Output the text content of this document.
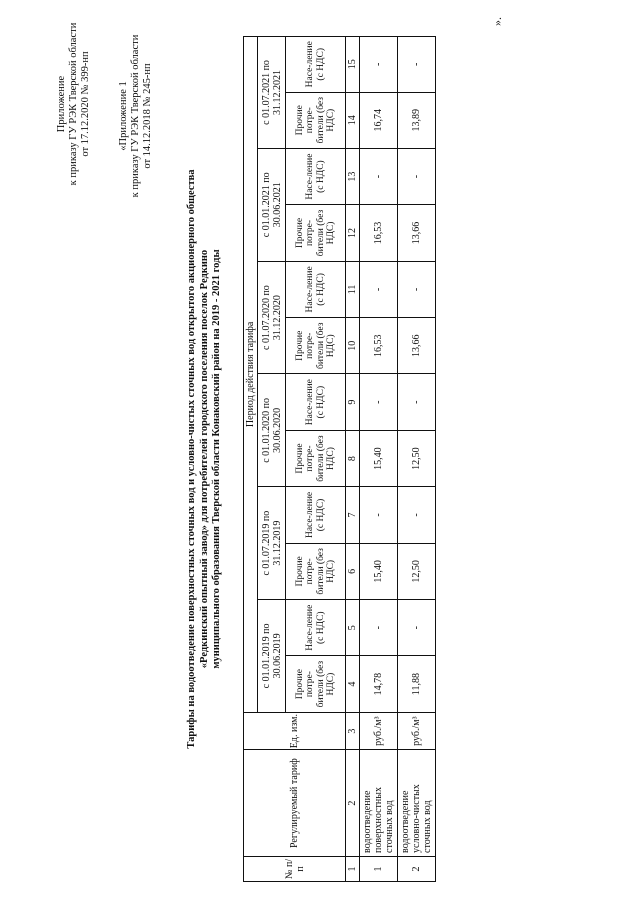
Приложение к приказу ГУ РЭК Тверской области от 17.12.2020 № 399-нп	«Приложение 1 к приказу ГУ РЭК Тверской области от 14.12.2018 № 245-нп
Тарифы на водоотведение поверхностных сточных вод и условно-чистых сточных вод открытого акционерного общества «Редкинский опытный завод» для потребителей городского поселения поселок Редкино муниципального образования Тверской области Конаковский район на 2019 - 2021 годы
№ п/п	Регулируемый тариф	Ед. изм.	Период действия тарифа											
			с 01.01.2019 по 30.06.2019		с 01.07.2019 по 31.12.2019		с 01.01.2020 по 30.06.2020		с 01.07.2020 по 31.12.2020		с 01.01.2021 по 30.06.2021		с 01.07.2021 по 31.12.2021	
			Прочие потре-бители (без НДС)	Насе-ление (с НДС)	Прочие потре-бители (без НДС)	Насе-ление (с НДС)	Прочие потре-бители (без НДС)	Насе-ление (с НДС)	Прочие потре-бители (без НДС)	Насе-ление (с НДС)	Прочие потре-бители (без НДС)	Насе-ление (с НДС)	Прочие потре-бители (без НДС)	Насе-ление (с НДС)
1	2	3	4	5	6	7	8	9	10	11	12	13	14	15
1	водоотведение поверхностных сточных вод	руб./м³	14,78	-	15,40	-	15,40	-	16,53	-	16,53	-	16,74	-
2	водоотведение условно-чистых сточных вод	руб./м³	11,88	-	12,50	-	12,50	-	13,66	-	13,66	-	13,89	-
».
